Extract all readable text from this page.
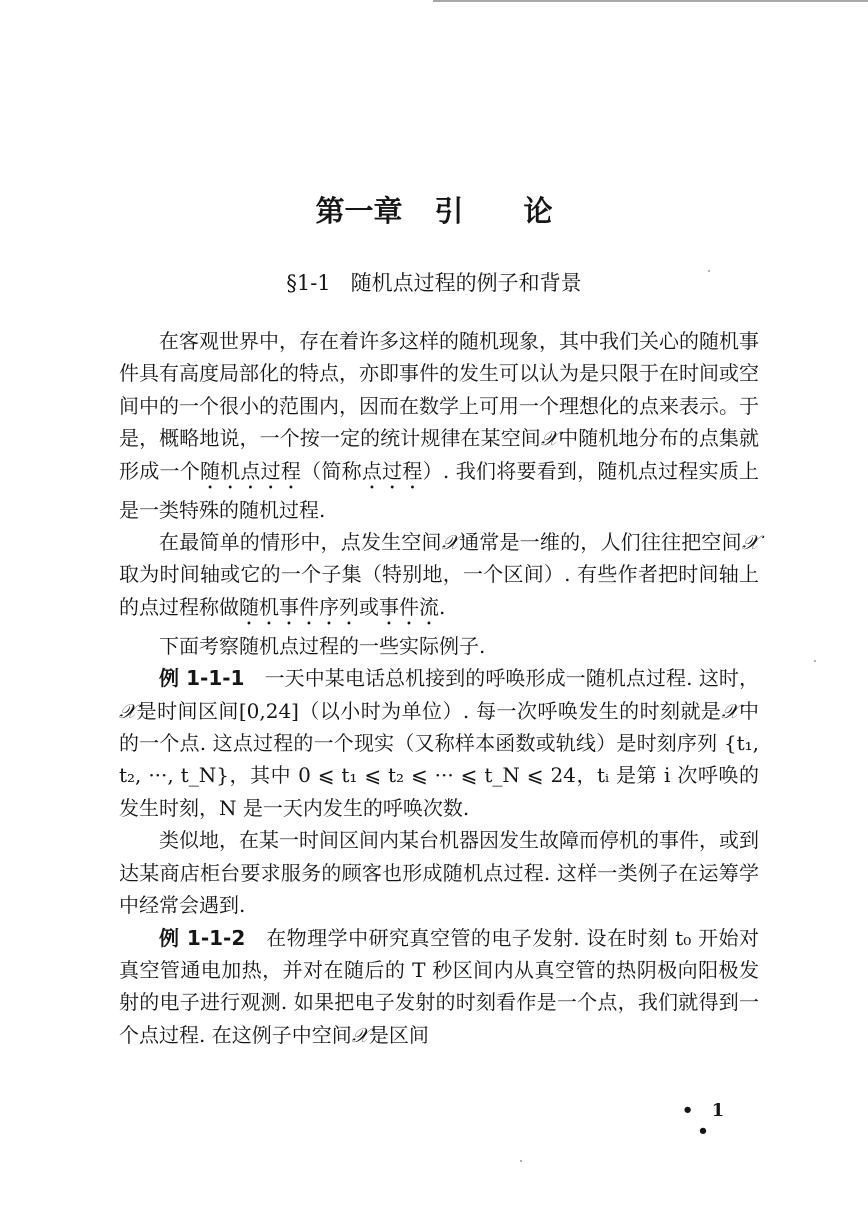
第一章 引 论
§1-1 随机点过程的例子和背景

在客观世界中，存在着许多这样的随机现象，其中我们关心的随机事件具有高度局部化的特点，亦即事件的发生可以认为是只限于在时间或空间中的一个很小的范围内，因而在数学上可用一个理想化的点来表示。于是，概略地说，一个按一定的统计规律在某空间𝒳中随机地分布的点集就形成一个随机点过程（简称点过程）. 我们将要看到，随机点过程实质上是一类特殊的随机过程.

在最简单的情形中，点发生空间𝒳通常是一维的，人们往往把空间𝒳取为时间轴或它的一个子集（特别地，一个区间）. 有些作者把时间轴上的点过程称做随机事件序列或事件流.

下面考察随机点过程的一些实际例子.

例 1-1-1　一天中某电话总机接到的呼唤形成一随机点过程. 这时，𝒳是时间区间[0,24]（以小时为单位）. 每一次呼唤发生的时刻就是𝒳中的一个点. 这点过程的一个现实（又称样本函数或轨线）是时刻序列 {t₁, t₂, ···, t_N}，其中 0 ⩽ t₁ ⩽ t₂ ⩽ ··· ⩽ t_N ⩽ 24，tᵢ 是第 i 次呼唤的发生时刻，N 是一天内发生的呼唤次数.

类似地，在某一时间区间内某台机器因发生故障而停机的事件，或到达某商店柜台要求服务的顾客也形成随机点过程. 这样一类例子在运筹学中经常会遇到.

例 1-1-2　在物理学中研究真空管的电子发射. 设在时刻 t₀ 开始对真空管通电加热，并对在随后的 T 秒区间内从真空管的热阴极向阳极发射的电子进行观测. 如果把电子发射的时刻看作是一个点，我们就得到一个点过程. 在这例子中空间𝒳是区间

• 1 •
